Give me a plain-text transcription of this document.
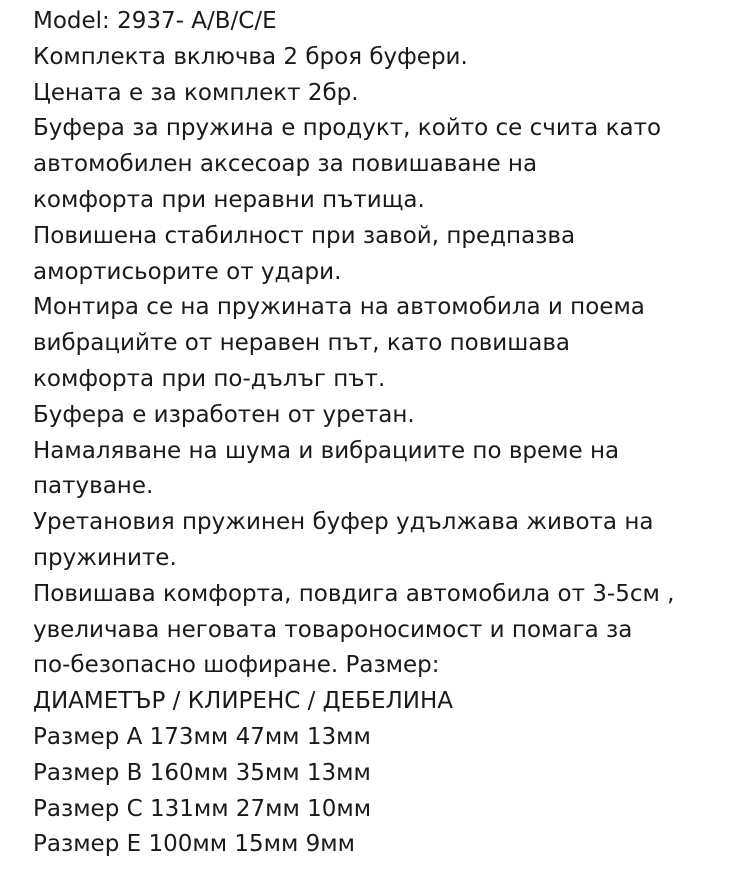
Model: 2937- A/B/C/E
Комплекта включва 2 броя буфери.
Цената е за комплект 2бр.
Буфера за пружина е продукт, който се счита като
автомобилен аксесоар за повишаване на
комфорта при неравни пътища.
Повишена стабилност при завой, предпазва
амортисьорите от удари.
Монтира се на пружината на автомобила и поема
вибрацийте от неравен път, като повишава
комфорта при по-дълъг път.
Буфера е изработен от уретан.
Намаляване на шума и вибрациите по време на
патуване.
Уретановия пружинен буфер удължава живота на
пружините.
Повишава комфорта, повдига автомобила от 3-5см ,
увеличава неговата товароносимост и помага за
по-безопасно шофиране. Размер:
ДИАМЕТЪР / КЛИРЕНС / ДЕБЕЛИНА
Размер А 173мм 47мм 13мм
Размер В 160мм 35мм 13мм
Размер С 131мм 27мм 10мм
Размер Е 100мм 15мм 9мм
